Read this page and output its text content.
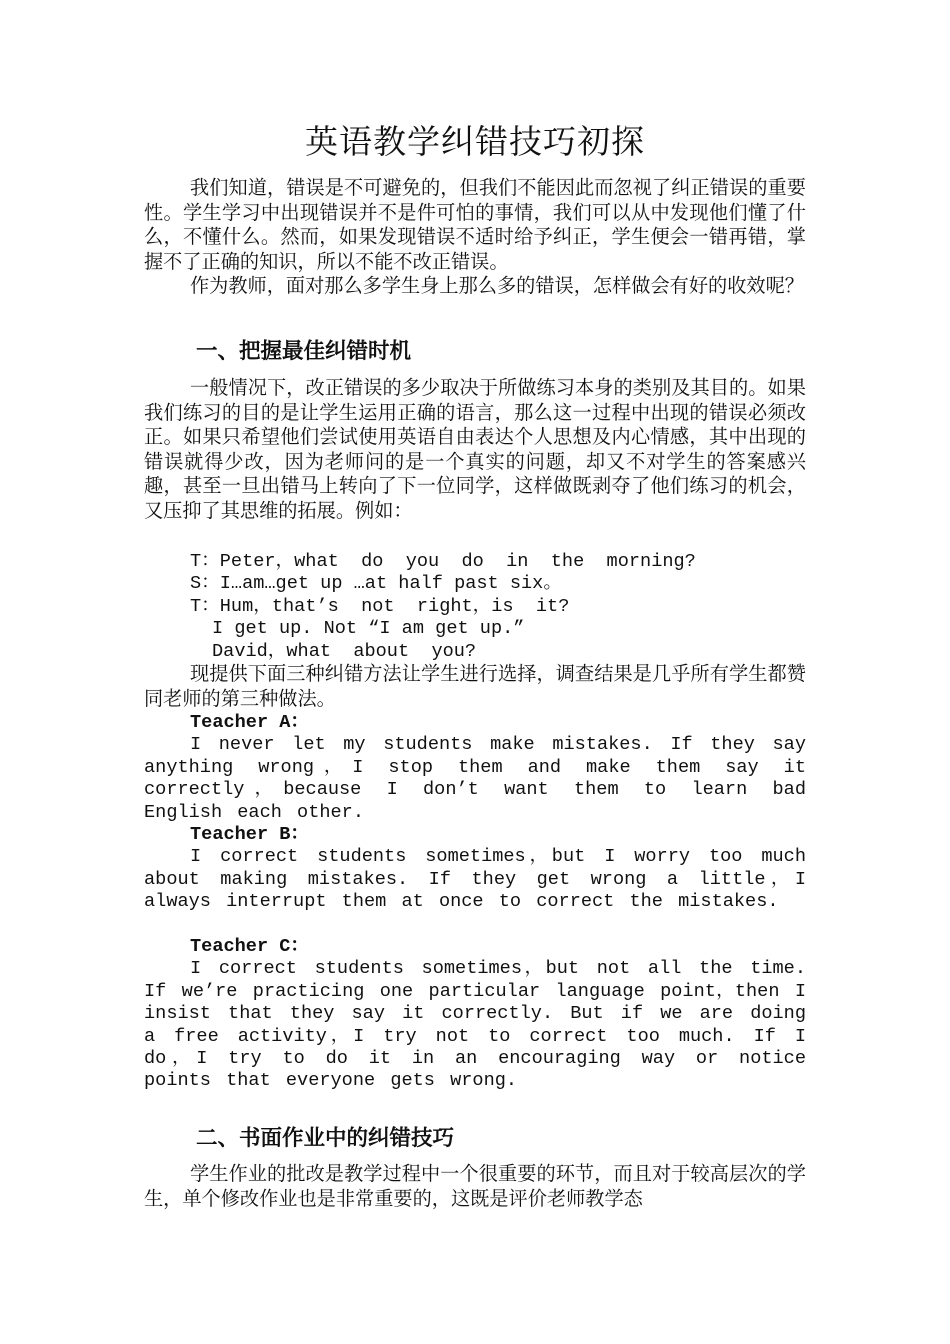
英语教学纠错技巧初探

我们知道，错误是不可避免的，但我们不能因此而忽视了纠正错误的重要性。学生学习中出现错误并不是件可怕的事情，我们可以从中发现他们懂了什么，不懂什么。然而，如果发现错误不适时给予纠正，学生便会一错再错，掌握不了正确的知识，所以不能不改正错误。

作为教师，面对那么多学生身上那么多的错误，怎样做会有好的收效呢？

一、把握最佳纠错时机

一般情况下，改正错误的多少取决于所做练习本身的类别及其目的。如果我们练习的目的是让学生运用正确的语言，那么这一过程中出现的错误必须改正。如果只希望他们尝试使用英语自由表达个人思想及内心情感，其中出现的错误就得少改，因为老师问的是一个真实的问题，却又不对学生的答案感兴趣，甚至一旦出错马上转向了下一位同学，这样做既剥夺了他们练习的机会，又压抑了其思维的拓展。例如：

T：Peter，what  do  you  do  in  the  morning?

S：I…am…get up …at half past six。

T：Hum，that’s  not  right，is  it?

I get up. Not “I am get up.”

David，what  about  you?

现提供下面三种纠错方法让学生进行选择，调查结果是几乎所有学生都赞同老师的第三种做法。

Teacher A：

I never let my students make mistakes. If they say anything wrong，I stop them and make them say it correctly，because I don’t want them to learn bad English each other.

Teacher B：

I correct students sometimes，but I worry too much about making mistakes. If they get wrong a little，I always interrupt them at once to correct the mistakes.

Teacher C：

I correct students sometimes，but not all the time. If we’re practicing one particular language point，then I insist that they say it correctly. But if we are doing a free activity，I try not to correct too much. If I do，I try to do it in an encouraging way or notice points that everyone gets wrong.

二、书面作业中的纠错技巧

学生作业的批改是教学过程中一个很重要的环节，而且对于较高层次的学生，单个修改作业也是非常重要的，这既是评价老师教学态
